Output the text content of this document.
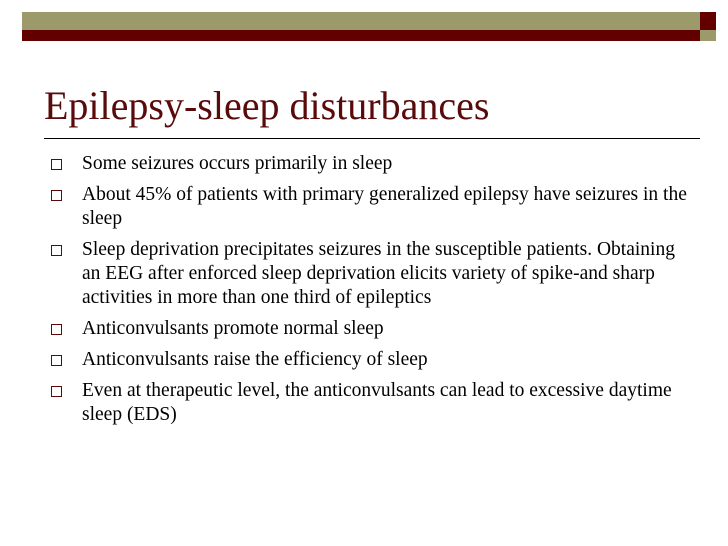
Epilepsy-sleep disturbances
Some seizures occurs primarily in sleep
About 45% of patients with primary generalized epilepsy have seizures in the sleep
Sleep deprivation precipitates seizures in the susceptible patients. Obtaining an EEG after enforced sleep deprivation elicits variety of spike-and sharp activities in more than one third of epileptics
Anticonvulsants promote normal sleep
Anticonvulsants raise the efficiency of sleep
Even at therapeutic level, the anticonvulsants can lead to excessive daytime sleep (EDS)
